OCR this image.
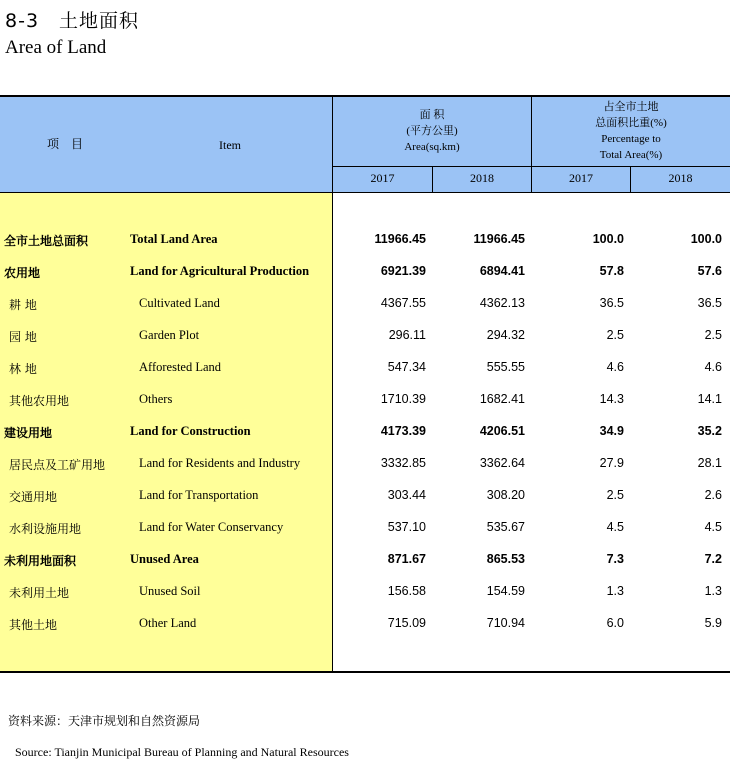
8-3　土地面积
Area of Land
项　目	Item
面 积
(平方公里)
Area(sq.km)
占全市土地
总面积比重(%)
Percentage to
Total Area(%)
2017	2018	2017	2018
全市土地总面积	Total Land Area	11966.45	11966.45	100.0	100.0
农用地	Land for Agricultural Production	6921.39	6894.41	57.8	57.6
耕 地	Cultivated Land	4367.55	4362.13	36.5	36.5
园 地	Garden Plot	296.11	294.32	2.5	2.5
林 地	Afforested Land	547.34	555.55	4.6	4.6
其他农用地	Others	1710.39	1682.41	14.3	14.1
建设用地	Land for Construction	4173.39	4206.51	34.9	35.2
居民点及工矿用地	Land for Residents and Industry	3332.85	3362.64	27.9	28.1
交通用地	Land for Transportation	303.44	308.20	2.5	2.6
水利设施用地	Land for Water Conservancy	537.10	535.67	4.5	4.5
未利用地面积	Unused Area	871.67	865.53	7.3	7.2
未利用土地	Unused Soil	156.58	154.59	1.3	1.3
其他土地	Other Land	715.09	710.94	6.0	5.9
资料来源：天津市规划和自然资源局
Source: Tianjin Municipal Bureau of Planning and Natural Resources
